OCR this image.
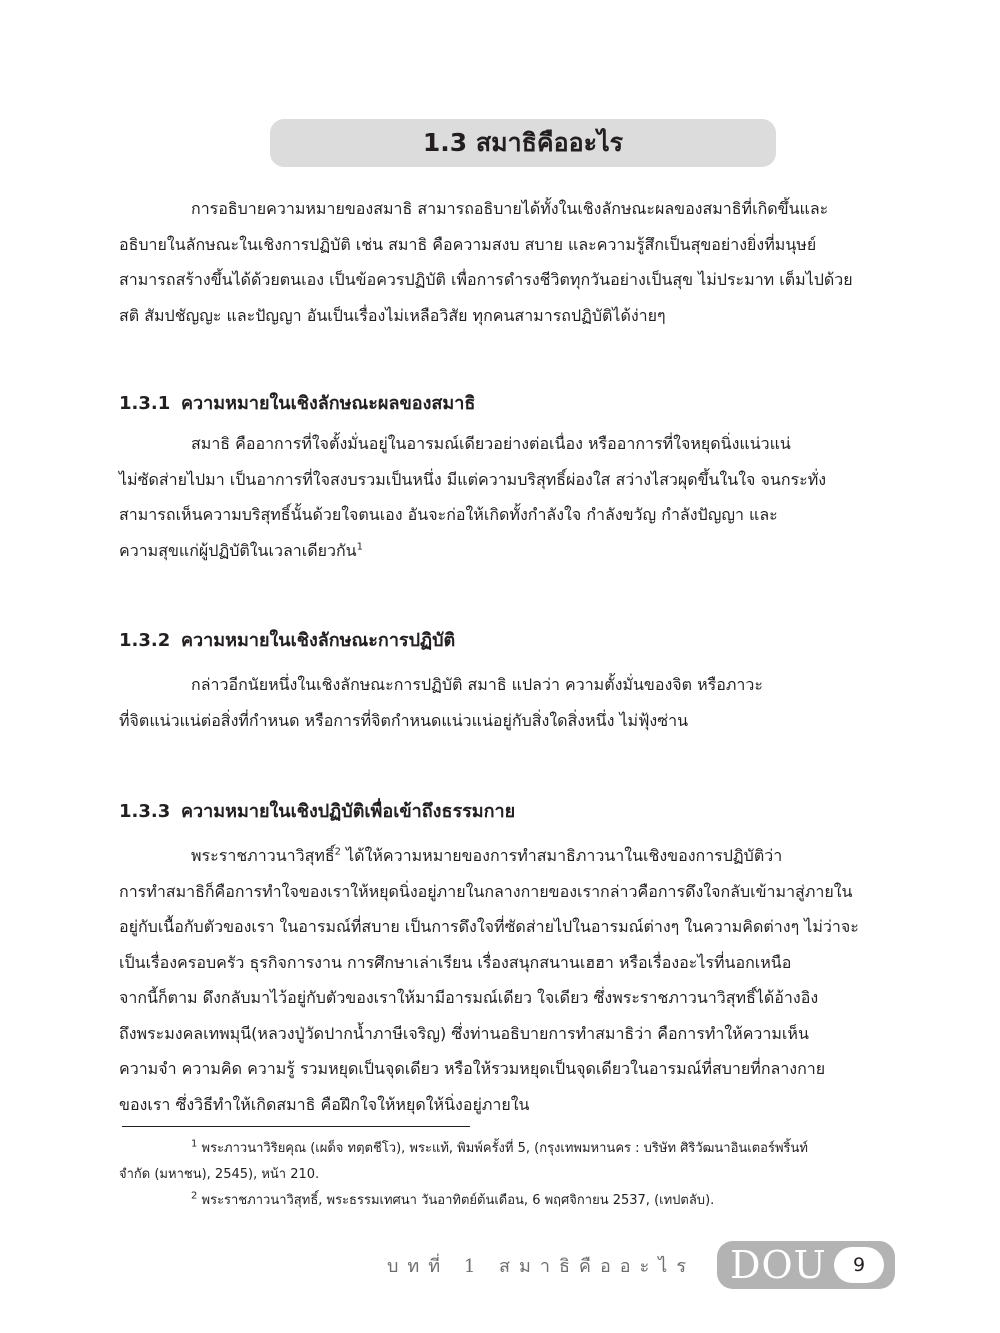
1.3 สมาธิคืออะไร
การอธิบายความหมายของสมาธิ สามารถอธิบายได้ทั้งในเชิงลักษณะผลของสมาธิที่เกิดขึ้นและ
อธิบายในลักษณะในเชิงการปฏิบัติ เช่น สมาธิ คือความสงบ สบาย และความรู้สึกเป็นสุขอย่างยิ่งที่มนุษย์
สามารถสร้างขึ้นได้ด้วยตนเอง เป็นข้อควรปฏิบัติ เพื่อการดำรงชีวิตทุกวันอย่างเป็นสุข ไม่ประมาท เต็มไปด้วย
สติ สัมปชัญญะ และปัญญา อันเป็นเรื่องไม่เหลือวิสัย ทุกคนสามารถปฏิบัติได้ง่ายๆ
1.3.1 ความหมายในเชิงลักษณะผลของสมาธิ
สมาธิ คืออาการที่ใจตั้งมั่นอยู่ในอารมณ์เดียวอย่างต่อเนื่อง หรืออาการที่ใจหยุดนิ่งแน่วแน่
ไม่ซัดส่ายไปมา เป็นอาการที่ใจสงบรวมเป็นหนึ่ง มีแต่ความบริสุทธิ์ผ่องใส สว่างไสวผุดขึ้นในใจ จนกระทั่ง
สามารถเห็นความบริสุทธิ์นั้นด้วยใจตนเอง อันจะก่อให้เกิดทั้งกำลังใจ กำลังขวัญ กำลังปัญญา และ
ความสุขแก่ผู้ปฏิบัติในเวลาเดียวกัน$^1$
1.3.2 ความหมายในเชิงลักษณะการปฏิบัติ
กล่าวอีกนัยหนึ่งในเชิงลักษณะการปฏิบัติ สมาธิ แปลว่า ความตั้งมั่นของจิต หรือภาวะ
ที่จิตแน่วแน่ต่อสิ่งที่กำหนด หรือการที่จิตกำหนดแน่วแน่อยู่กับสิ่งใดสิ่งหนึ่ง ไม่ฟุ้งซ่าน
1.3.3 ความหมายในเชิงปฏิบัติเพื่อเข้าถึงธรรมกาย
พระราชภาวนาวิสุทธิ์$^2$ ได้ให้ความหมายของการทำสมาธิภาวนาในเชิงของการปฏิบัติว่า
การทำสมาธิก็คือการทำใจของเราให้หยุดนิ่งอยู่ภายในกลางกายของเรากล่าวคือการดึงใจกลับเข้ามาสู่ภายใน
อยู่กับเนื้อกับตัวของเรา ในอารมณ์ที่สบาย เป็นการดึงใจที่ซัดส่ายไปในอารมณ์ต่างๆ ในความคิดต่างๆ ไม่ว่าจะ
เป็นเรื่องครอบครัว ธุรกิจการงาน การศึกษาเล่าเรียน เรื่องสนุกสนานเฮฮา หรือเรื่องอะไรที่นอกเหนือ
จากนี้ก็ตาม ดึงกลับมาไว้อยู่กับตัวของเราให้มามีอารมณ์เดียว ใจเดียว ซึ่งพระราชภาวนาวิสุทธิ์ได้อ้างอิง
ถึงพระมงคลเทพมุนี(หลวงปู่วัดปากน้ำภาษีเจริญ) ซึ่งท่านอธิบายการทำสมาธิว่า คือการทำให้ความเห็น
ความจำ ความคิด ความรู้ รวมหยุดเป็นจุดเดียว หรือให้รวมหยุดเป็นจุดเดียวในอารมณ์ที่สบายที่กลางกาย
ของเรา ซึ่งวิธีทำให้เกิดสมาธิ คือฝึกใจให้หยุดให้นิ่งอยู่ภายใน
$^1$ พระภาวนาวิริยคุณ (เผด็จ ทตฺตชีโว), พระแท้, พิมพ์ครั้งที่ 5, (กรุงเทพมหานคร : บริษัท ศิริวัฒนาอินเตอร์พริ้นท์
จำกัด (มหาชน), 2545), หน้า 210.
$^2$ พระราชภาวนาวิสุทธิ์, พระธรรมเทศนา วันอาทิตย์ต้นเดือน, 6 พฤศจิกายน 2537, (เทปตลับ).
บทที่ 1 สมาธิคืออะไร DOU	9
